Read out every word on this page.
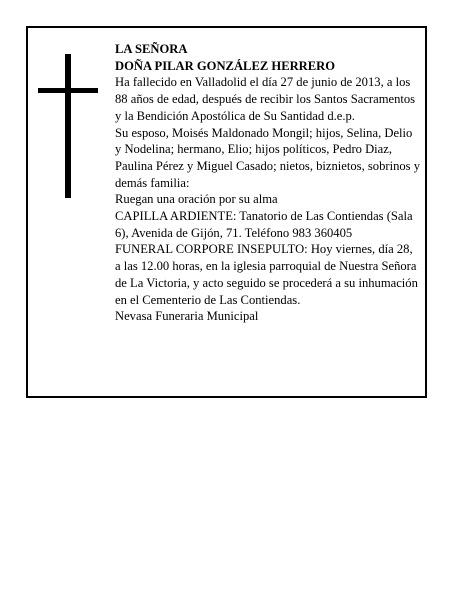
LA SEÑORA

DOÑA PILAR GONZÁLEZ HERRERO

Ha fallecido en Valladolid el día 27 de junio de 2013, a los 88 años de edad, después de recibir los Santos Sacramentos y la Bendición Apostólica de Su Santidad d.e.p.

Su esposo, Moisés Maldonado Mongil; hijos, Selina, Delio y Nodelina; hermano, Elio; hijos políticos, Pedro Diaz, Paulina Pérez y Miguel Casado; nietos, biznietos, sobrinos y demás familia:

Ruegan una oración por su alma

CAPILLA ARDIENTE: Tanatorio de Las Contiendas (Sala 6), Avenida de Gijón, 71. Teléfono 983 360405

FUNERAL CORPORE INSEPULTO: Hoy viernes, día 28, a las 12.00 horas, en la iglesia parroquial de Nuestra Señora de La Victoria, y acto seguido se procederá a su inhumación en el Cementerio de Las Contiendas.

Nevasa Funeraria Municipal
